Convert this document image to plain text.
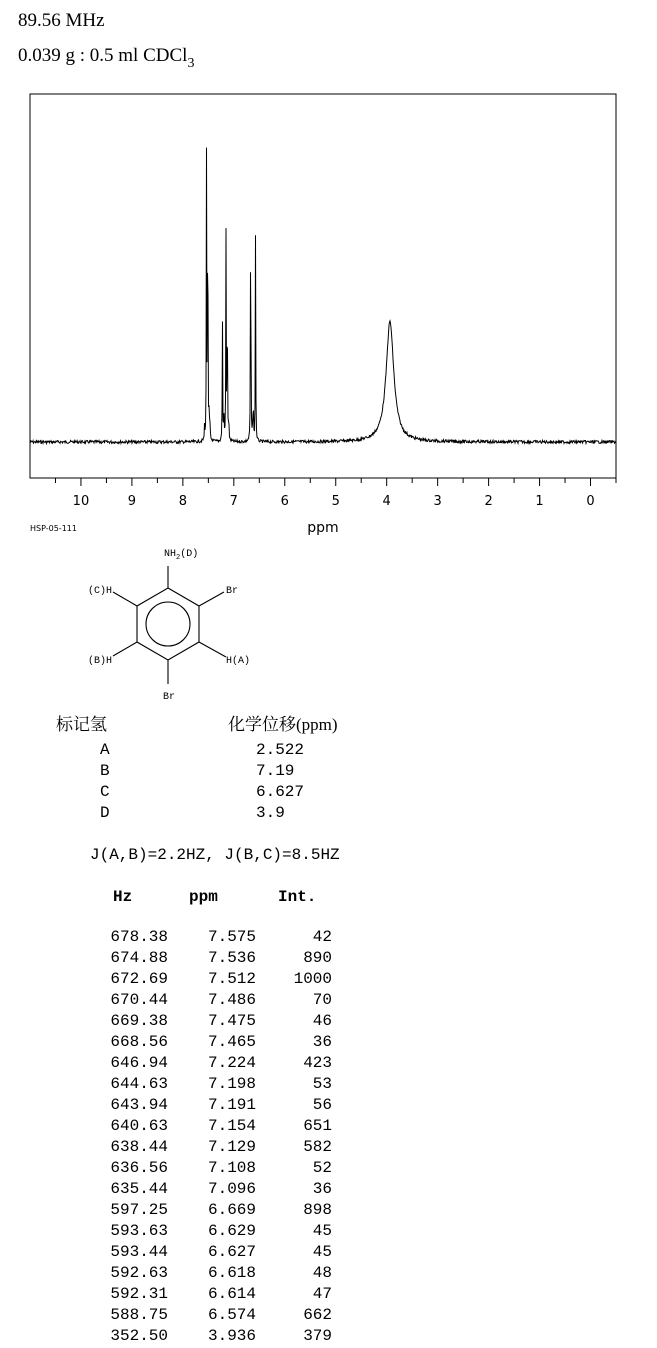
89.56 MHz
0.039 g : 0.5 ml CDCl$_3$
10	9	8	7	6	5	4	3	2	1	0
ppm
HSP-05-111
$NH_2(D)$
(C)H
(B)H
Br
H(A)
Br
标记氢	化学位移(ppm)
A	2.522
B	7.19
C	6.627
D	3.9
J(A,B)=2.2HZ, J(B,C)=8.5HZ
Hz	ppm	Int.
678.38	7.575	42
674.88	7.536	890
672.69	7.512	1000
670.44	7.486	70
669.38	7.475	46
668.56	7.465	36
646.94	7.224	423
644.63	7.198	53
643.94	7.191	56
640.63	7.154	651
638.44	7.129	582
636.56	7.108	52
635.44	7.096	36
597.25	6.669	898
593.63	6.629	45
593.44	6.627	45
592.63	6.618	48
592.31	6.614	47
588.75	6.574	662
352.50	3.936	379
